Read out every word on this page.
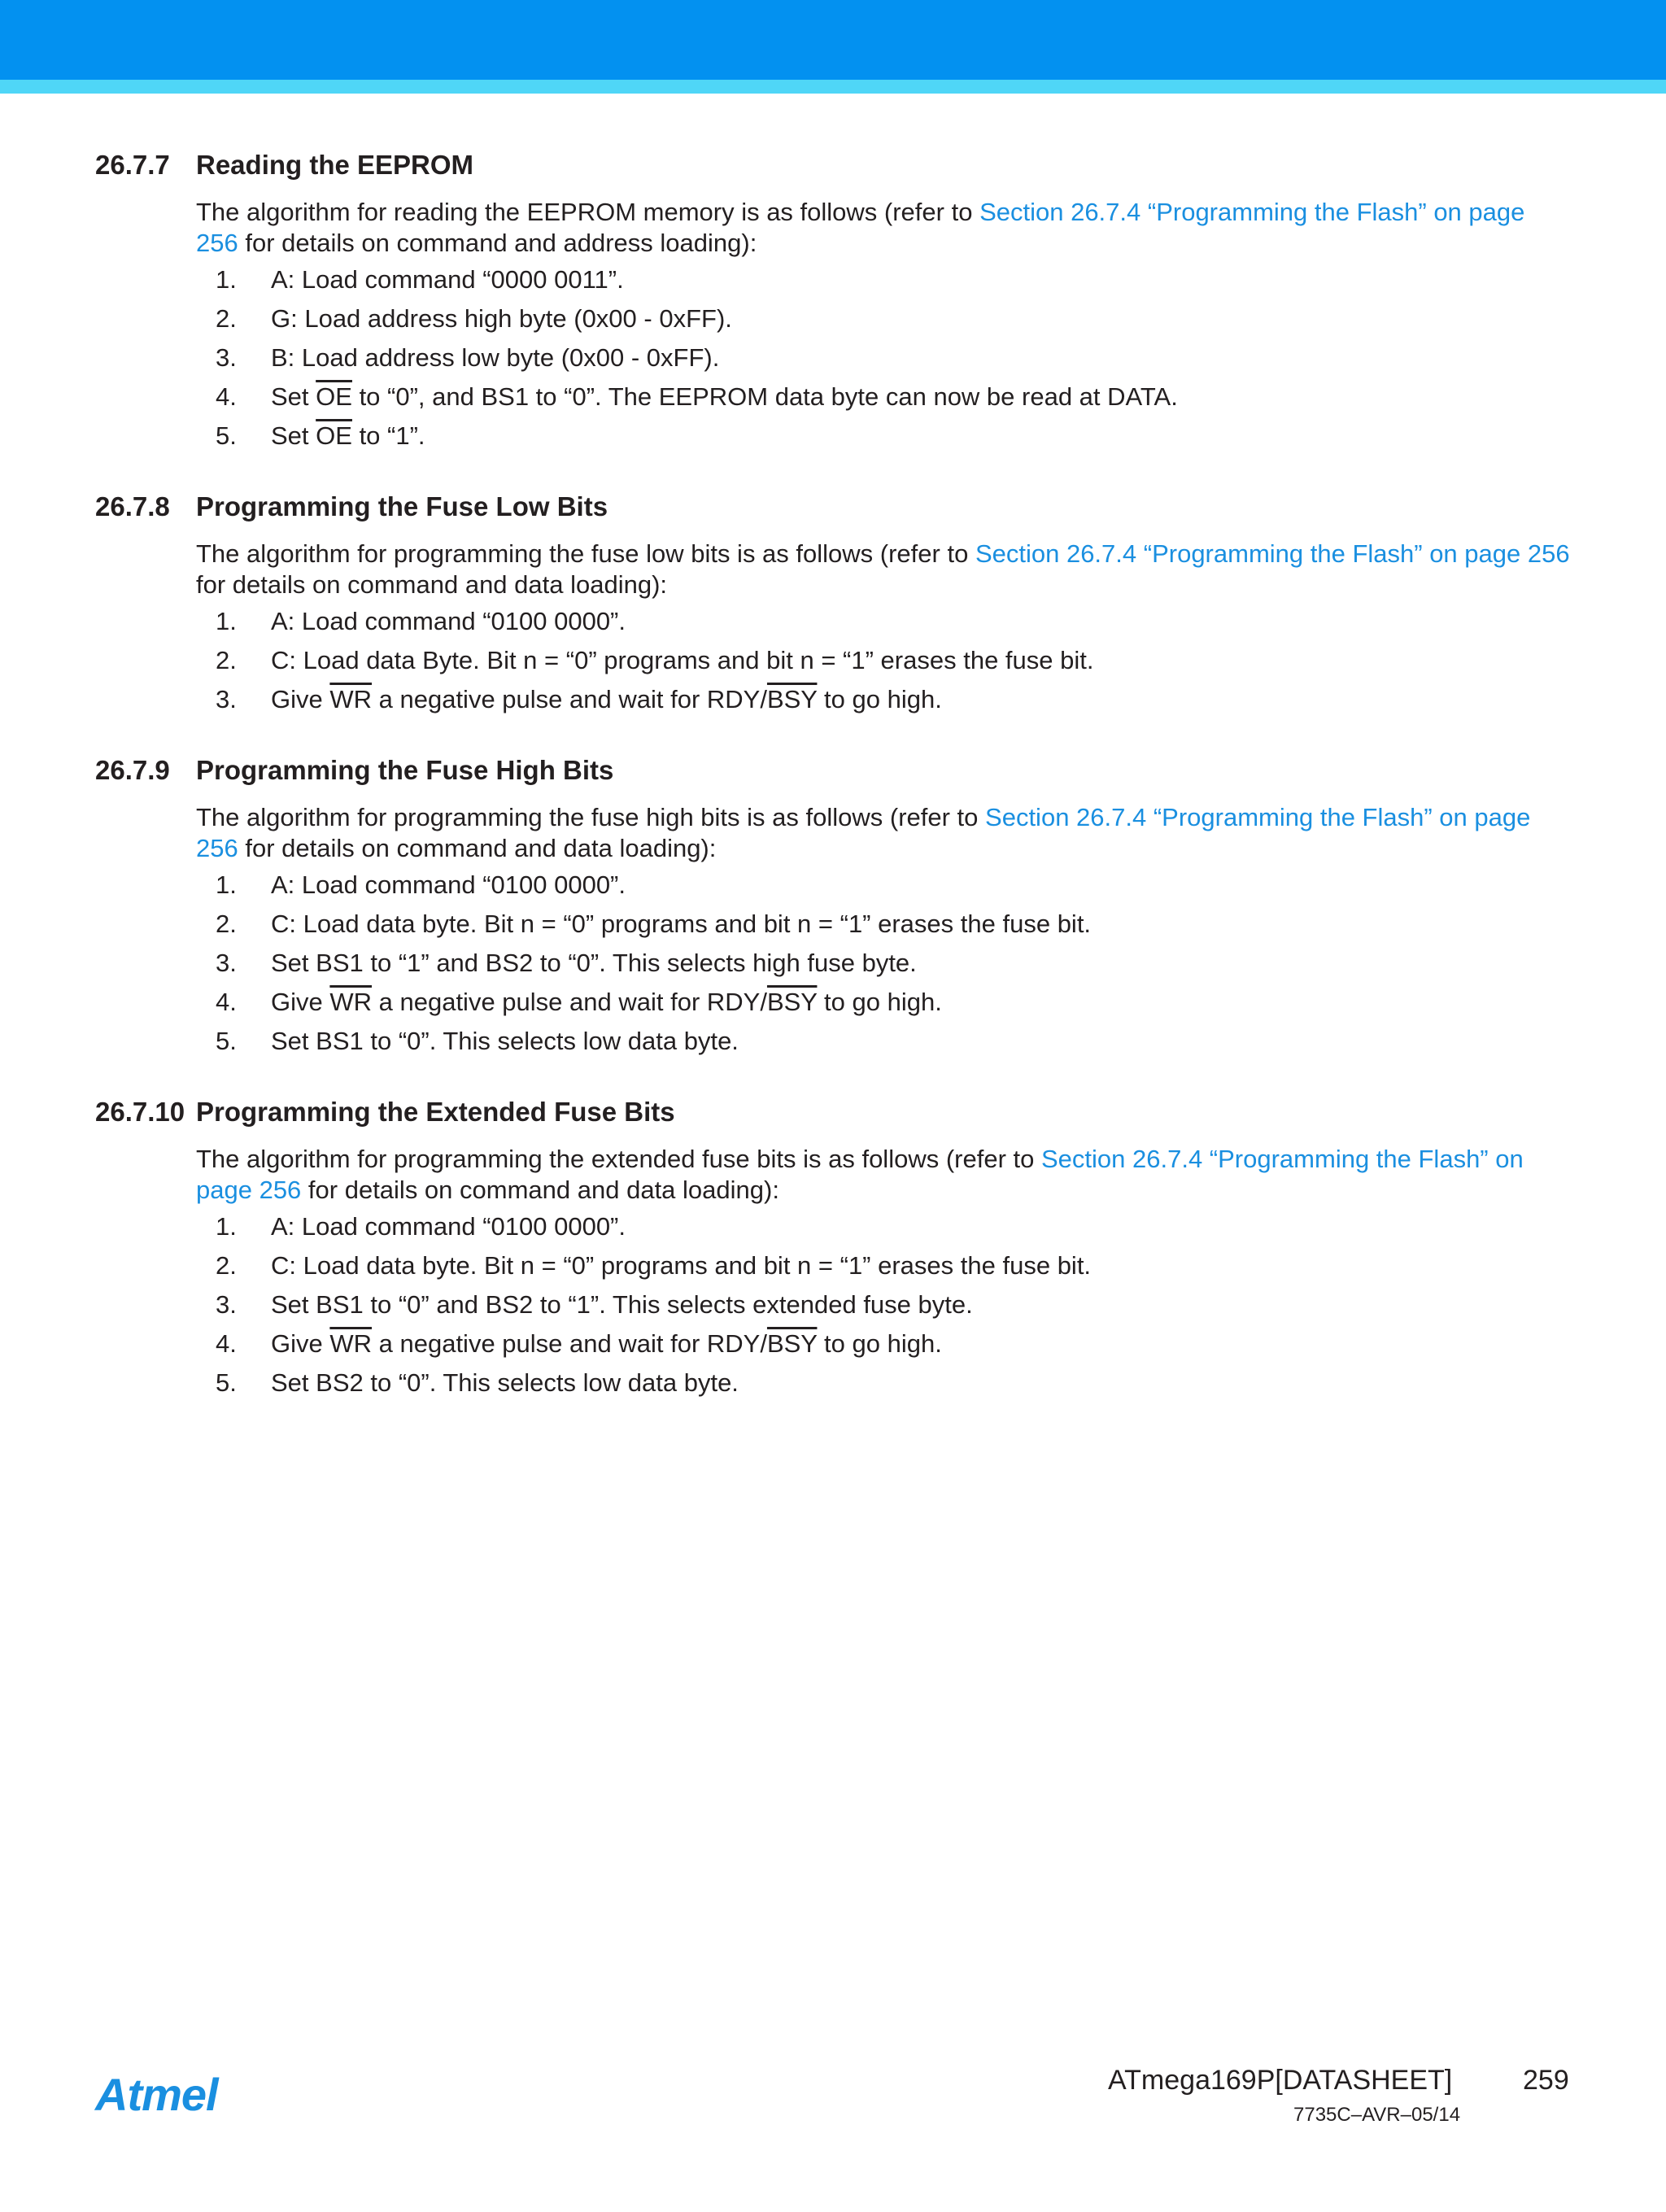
26.7.7 Reading the EEPROM

The algorithm for reading the EEPROM memory is as follows (refer to Section 26.7.4 “Programming the Flash” on page 256 for details on command and address loading):

1. A: Load command “0000 0011”.
2. G: Load address high byte (0x00 - 0xFF).
3. B: Load address low byte (0x00 - 0xFF).
4. Set $\overline{OE}$ to “0”, and BS1 to “0”. The EEPROM data byte can now be read at DATA.
5. Set $\overline{OE}$ to “1”.
26.7.8 Programming the Fuse Low Bits

The algorithm for programming the fuse low bits is as follows (refer to Section 26.7.4 “Programming the Flash” on page 256 for details on command and data loading):

1. A: Load command “0100 0000”.
2. C: Load data Byte. Bit n = “0” programs and bit n = “1” erases the fuse bit.
3. Give $\overline{WR}$ a negative pulse and wait for RDY/$\overline{BSY}$ to go high.
26.7.9 Programming the Fuse High Bits

The algorithm for programming the fuse high bits is as follows (refer to Section 26.7.4 “Programming the Flash” on page 256 for details on command and data loading):

1. A: Load command “0100 0000”.
2. C: Load data byte. Bit n = “0” programs and bit n = “1” erases the fuse bit.
3. Set BS1 to “1” and BS2 to “0”. This selects high fuse byte.
4. Give $\overline{WR}$ a negative pulse and wait for RDY/$\overline{BSY}$ to go high.
5. Set BS1 to “0”. This selects low data byte.
26.7.10 Programming the Extended Fuse Bits

The algorithm for programming the extended fuse bits is as follows (refer to Section 26.7.4 “Programming the Flash” on page 256 for details on command and data loading):

1. A: Load command “0100 0000”.
2. C: Load data byte. Bit n = “0” programs and bit n = “1” erases the fuse bit.
3. Set BS1 to “0” and BS2 to “1”. This selects extended fuse byte.
4. Give $\overline{WR}$ a negative pulse and wait for RDY/$\overline{BSY}$ to go high.
5. Set BS2 to “0”. This selects low data byte.
Atmel	ATmega169P[DATASHEET]	259
7735C–AVR–05/14
